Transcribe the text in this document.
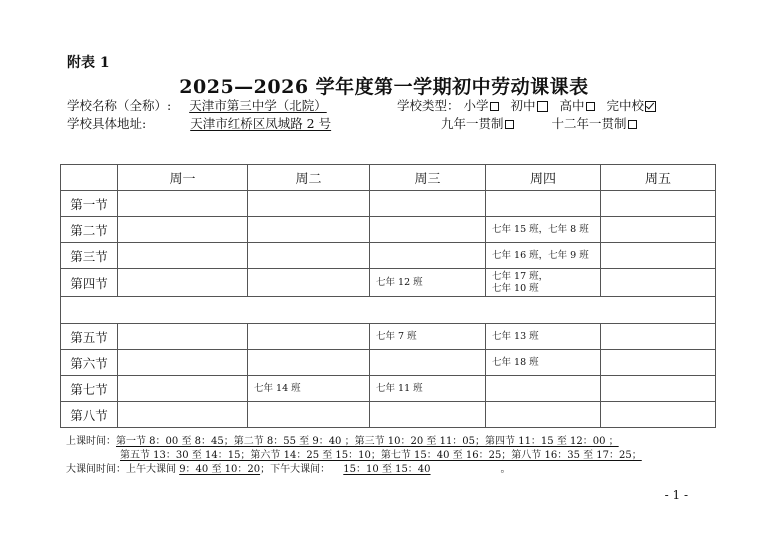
附表 1
2025—2026 学年度第一学期初中劳动课课表
学校名称（全称）: 天津市第三中学（北院）	学校类型： 小学 初中 高中 完中校
学校具体地址:	天津市红桥区凤城路 2 号	九年一贯制	十二年一贯制
	周一	周二	周三	周四	周五
第一节					
第二节				七年 15 班，七年 8 班	
第三节				七年 16 班，七年 9 班	
第四节			七年 12 班	七年 17 班，
七年 10 班	

第五节			七年 7 班	七年 13 班	
第六节				七年 18 班	
第七节		七年 14 班	七年 11 班		
第八节					
上课时间：第一节 8：00 至 8：45；第二节 8：55 至 9：40 ；第三节 10：20 至 11：05；第四节 11：15 至 12：00 ；
第五节 13：30 至 14：15；第六节 14：25 至 15：10；第七节 15：40 至 16：25；第八节 16：35 至 17：25；
大课间时间：上午大课间 9：40 至 10：20；下午大课间： 15：10 至 15：40	。
- 1 -
